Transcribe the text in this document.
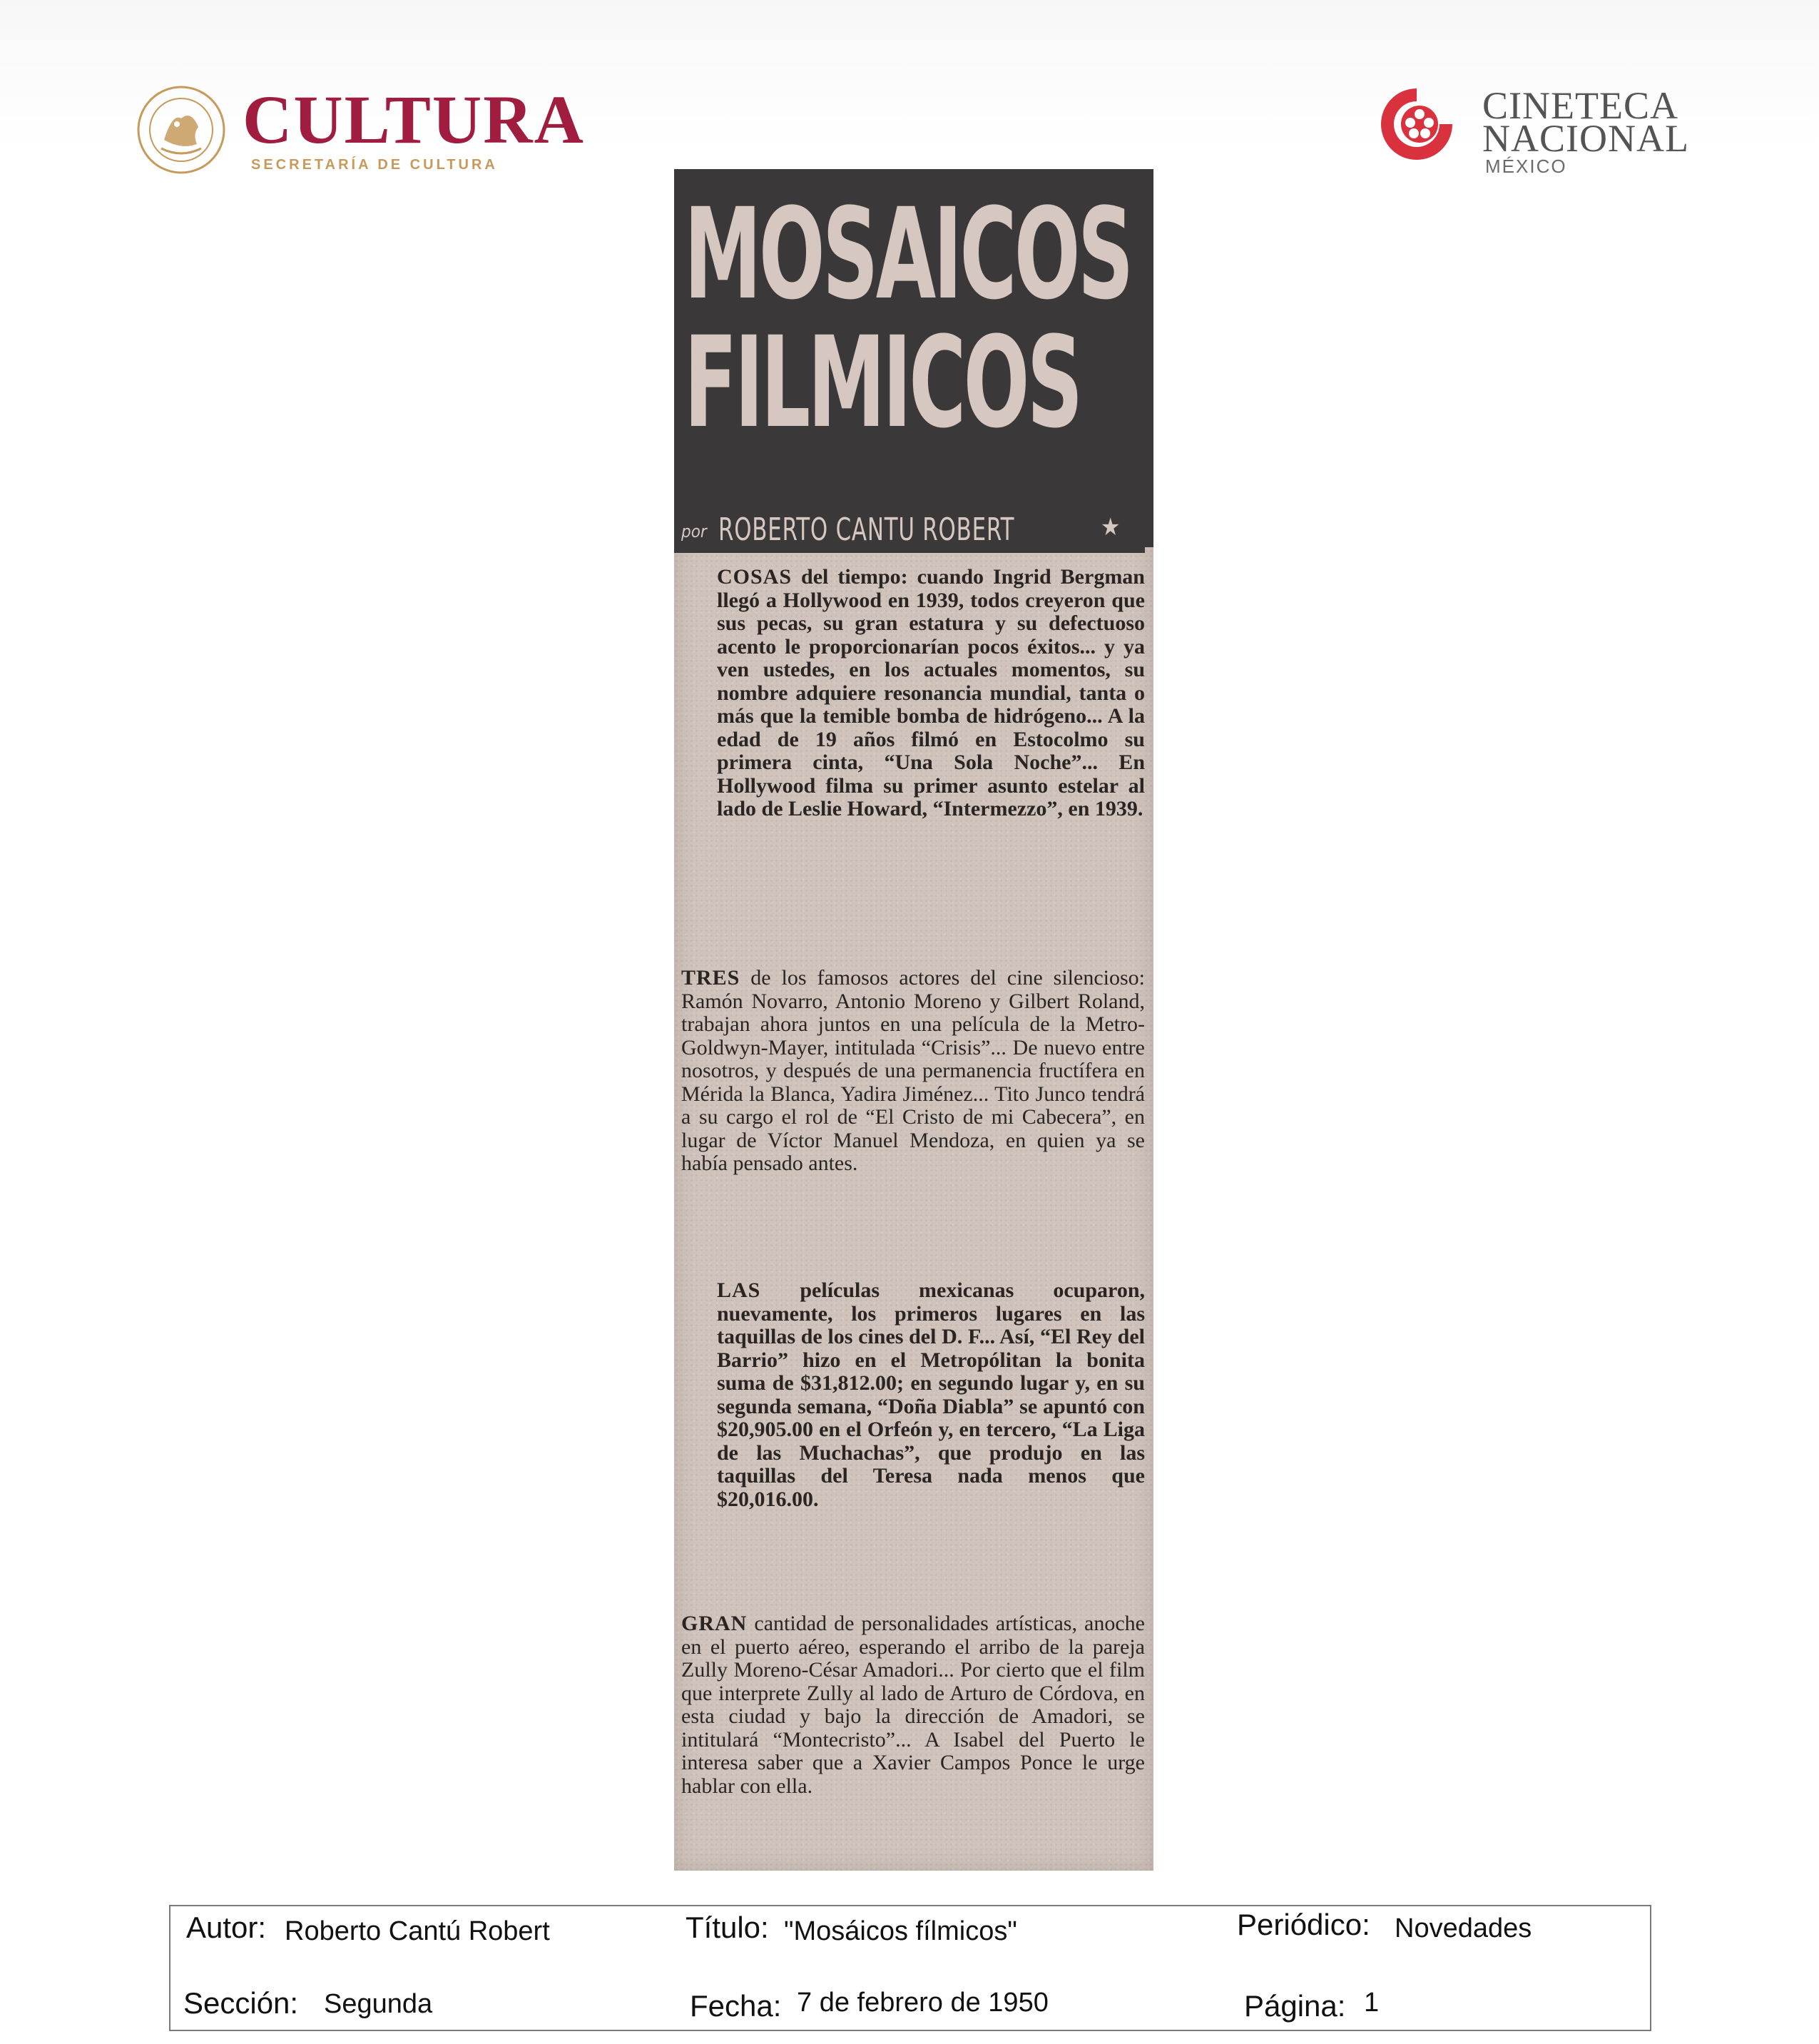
CULTURA
SECRETARÍA DE CULTURA
CINETECA
NACIONAL
MÉXICO
MOSAICOS
FILMICOS
por ROBERTO CANTU ROBERT	★
COSAS del tiempo: cuando Ingrid Bergman llegó a Hollywood en 1939, todos creyeron que sus pecas, su gran estatura y su defectuoso acento le proporcionarían pocos éxitos... y ya ven ustedes, en los actuales momentos, su nombre adquiere resonancia mundial, tanta o más que la temible bomba de hidrógeno... A la edad de 19 años filmó en Estocolmo su primera cinta, “Una Sola Noche”... En Hollywood filma su primer asunto estelar al lado de Leslie Howard, “Intermezzo”, en 1939.
TRES de los famosos actores del cine silencioso: Ramón Novarro, Antonio Moreno y Gilbert Roland, trabajan ahora juntos en una película de la Metro-Goldwyn-Mayer, intitulada “Crisis”... De nuevo entre nosotros, y después de una permanencia fructífera en Mérida la Blanca, Yadira Jiménez... Tito Junco tendrá a su cargo el rol de “El Cristo de mi Cabecera”, en lugar de Víctor Manuel Mendoza, en quien ya se había pensado antes.
LAS películas mexicanas ocuparon, nuevamente, los primeros lugares en las taquillas de los cines del D. F... Así, “El Rey del Barrio” hizo en el Metropólitan la bonita suma de $31,812.00; en segundo lugar y, en su segunda semana, “Doña Diabla” se apuntó con $20,905.00 en el Orfeón y, en tercero, “La Liga de las Muchachas”, que produjo en las taquillas del Teresa nada menos que $20,016.00.
GRAN cantidad de personalidades artísticas, anoche en el puerto aéreo, esperando el arribo de la pareja Zully Moreno-César Amadori... Por cierto que el film que interprete Zully al lado de Arturo de Córdova, en esta ciudad y bajo la dirección de Amadori, se intitulará “Montecristo”... A Isabel del Puerto le interesa saber que a Xavier Campos Ponce le urge hablar con ella.
Autor: Roberto Cantú Robert	Título: "Mosáicos fílmicos"	Periódico: Novedades
Sección: Segunda	Fecha: 7 de febrero de 1950	Página: 1
